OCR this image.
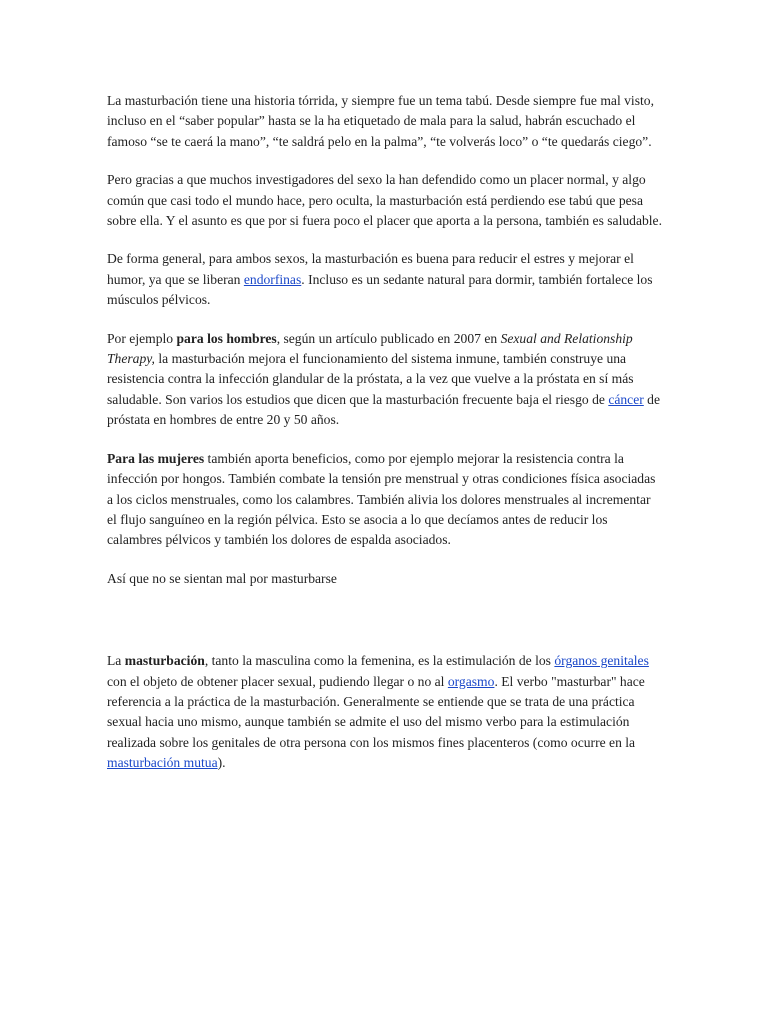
La masturbación tiene una historia tórrida, y siempre fue un tema tabú. Desde siempre fue mal visto, incluso en el “saber popular” hasta se la ha etiquetado de mala para la salud, habrán escuchado el famoso “se te caerá la mano”, “te saldrá pelo en la palma”, “te volverás loco” o “te quedarás ciego”.

Pero gracias a que muchos investigadores del sexo la han defendido como un placer normal, y algo común que casi todo el mundo hace, pero oculta, la masturbación está perdiendo ese tabú que pesa sobre ella. Y el asunto es que por si fuera poco el placer que aporta a la persona, también es saludable.

De forma general, para ambos sexos, la masturbación es buena para reducir el estres y mejorar el humor, ya que se liberan endorfinas. Incluso es un sedante natural para dormir, también fortalece los músculos pélvicos.

Por ejemplo para los hombres, según un artículo publicado en 2007 en Sexual and Relationship Therapy, la masturbación mejora el funcionamiento del sistema inmune, también construye una resistencia contra la infección glandular de la próstata, a la vez que vuelve a la próstata en sí más saludable. Son varios los estudios que dicen que la masturbación frecuente baja el riesgo de cáncer de próstata en hombres de entre 20 y 50 años.

Para las mujeres también aporta beneficios, como por ejemplo mejorar la resistencia contra la infección por hongos. También combate la tensión pre menstrual y otras condiciones física asociadas a los ciclos menstruales, como los calambres. También alivia los dolores menstruales al incrementar el flujo sanguíneo en la región pélvica. Esto se asocia a lo que decíamos antes de reducir los calambres pélvicos y también los dolores de espalda asociados.

Así que no se sientan mal por masturbarse

La masturbación, tanto la masculina como la femenina, es la estimulación de los órganos genitales con el objeto de obtener placer sexual, pudiendo llegar o no al orgasmo. El verbo "masturbar" hace referencia a la práctica de la masturbación. Generalmente se entiende que se trata de una práctica sexual hacia uno mismo, aunque también se admite el uso del mismo verbo para la estimulación realizada sobre los genitales de otra persona con los mismos fines placenteros (como ocurre en la masturbación mutua).
